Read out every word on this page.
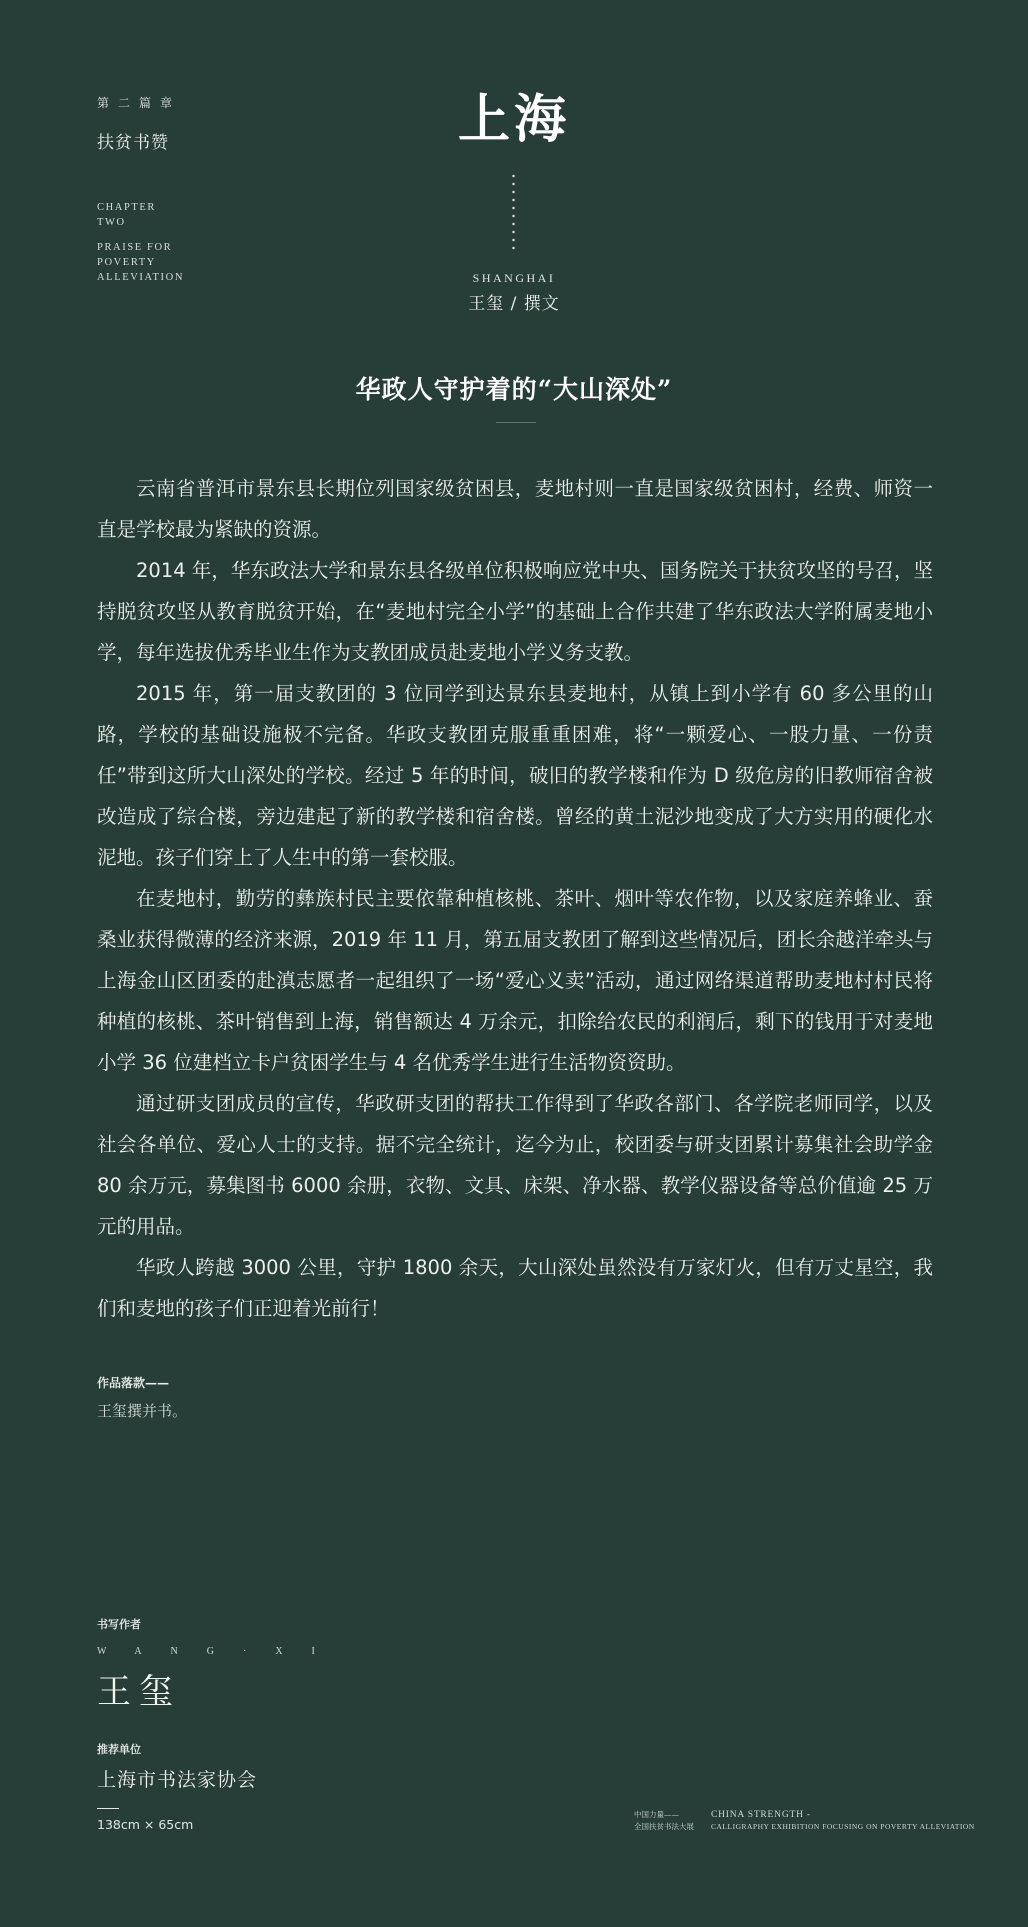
第二篇章
扶贫书赞
CHAPTER
TWO
PRAISE FOR
POVERTY
ALLEVIATION
上海
SHANGHAI
王玺 / 撰文
华政人守护着的“大山深处”

云南省普洱市景东县长期位列国家级贫困县，麦地村则一直是国家级贫困村，经费、师资一直是学校最为紧缺的资源。

2014 年，华东政法大学和景东县各级单位积极响应党中央、国务院关于扶贫攻坚的号召，坚持脱贫攻坚从教育脱贫开始，在“麦地村完全小学”的基础上合作共建了华东政法大学附属麦地小学，每年选拔优秀毕业生作为支教团成员赴麦地小学义务支教。

2015 年，第一届支教团的 3 位同学到达景东县麦地村，从镇上到小学有 60 多公里的山路，学校的基础设施极不完备。华政支教团克服重重困难，将“一颗爱心、一股力量、一份责任”带到这所大山深处的学校。经过 5 年的时间，破旧的教学楼和作为 D 级危房的旧教师宿舍被改造成了综合楼，旁边建起了新的教学楼和宿舍楼。曾经的黄土泥沙地变成了大方实用的硬化水泥地。孩子们穿上了人生中的第一套校服。

在麦地村，勤劳的彝族村民主要依靠种植核桃、茶叶、烟叶等农作物，以及家庭养蜂业、蚕桑业获得微薄的经济来源，2019 年 11 月，第五届支教团了解到这些情况后，团长余越洋牵头与上海金山区团委的赴滇志愿者一起组织了一场“爱心义卖”活动，通过网络渠道帮助麦地村村民将种植的核桃、茶叶销售到上海，销售额达 4 万余元，扣除给农民的利润后，剩下的钱用于对麦地小学 36 位建档立卡户贫困学生与 4 名优秀学生进行生活物资资助。

通过研支团成员的宣传，华政研支团的帮扶工作得到了华政各部门、各学院老师同学，以及社会各单位、爱心人士的支持。据不完全统计，迄今为止，校团委与研支团累计募集社会助学金 80 余万元，募集图书 6000 余册，衣物、文具、床架、净水器、教学仪器设备等总价值逾 25 万元的用品。

华政人跨越 3000 公里，守护 1800 余天，大山深处虽然没有万家灯火，但有万丈星空，我们和麦地的孩子们正迎着光前行！

作品落款——
王玺撰并书。
书写作者
WANG·XI
王玺
推荐单位
上海市书法家协会
138cm × 65cm
中国力量——
全国扶贫书法大展
CHINA STRENGTH -
CALLIGRAPHY EXHIBITION FOCUSING ON POVERTY ALLEVIATION
